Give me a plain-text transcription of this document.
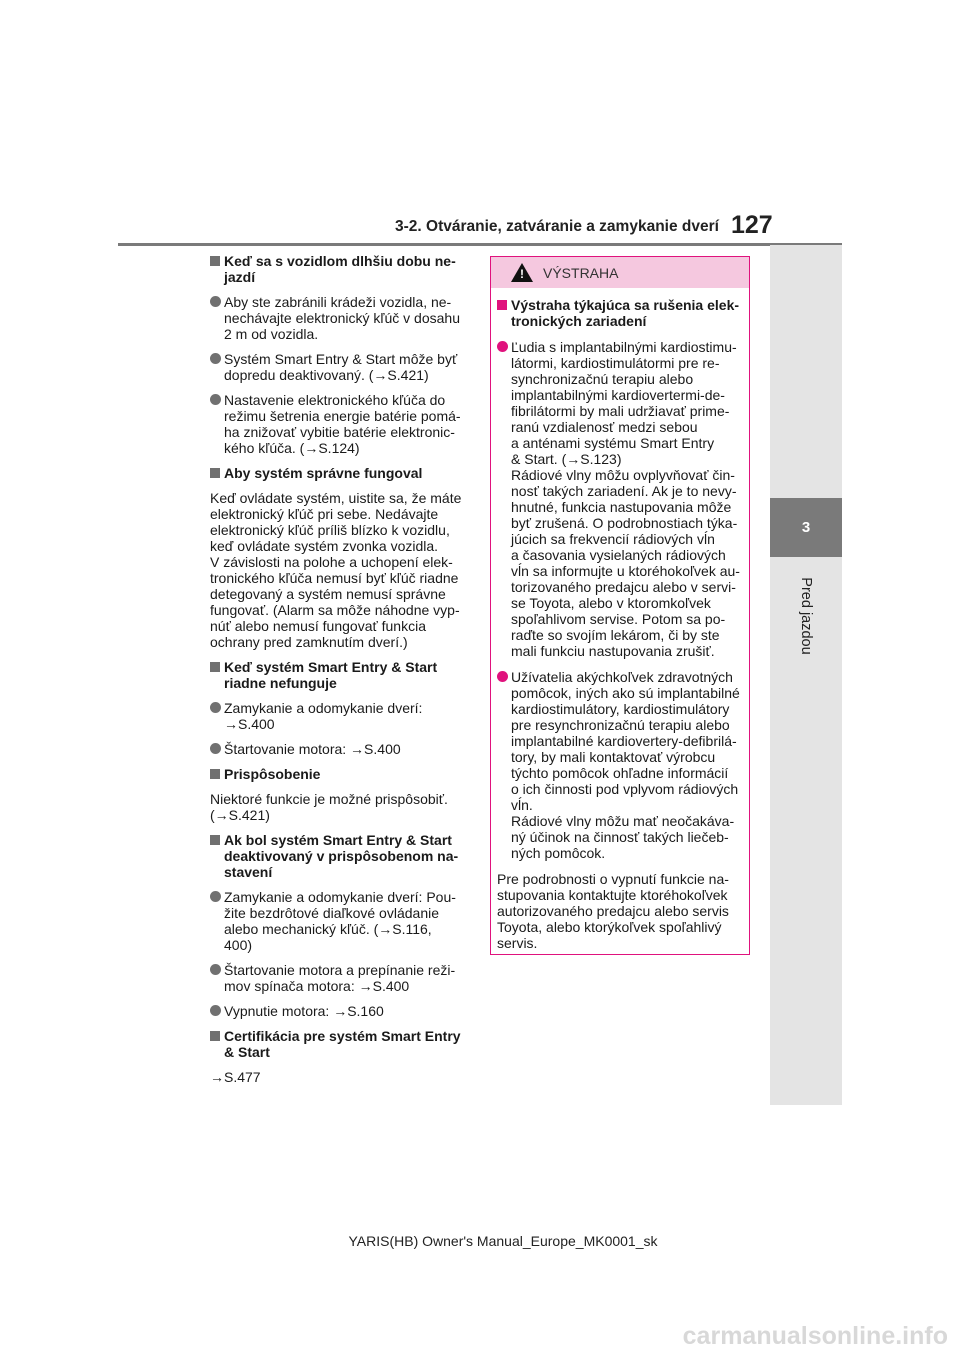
3-2. Otváranie, zatváranie a zamykanie dverí 127
3
Pred jazdou
Keď sa s vozidlom dlhšiu dobu ne-
jazdí
Aby ste zabránili krádeži vozidla, ne-
nechávajte elektronický kľúč v dosahu
2 m od vozidla.
Systém Smart Entry & Start môže byť
dopredu deaktivovaný. (→S.421)
Nastavenie elektronického kľúča do
režimu šetrenia energie batérie pomá-
ha znižovať vybitie batérie elektronic-
kého kľúča. (→S.124)
Aby systém správne fungoval
Keď ovládate systém, uistite sa, že máte
elektronický kľúč pri sebe. Nedávajte
elektronický kľúč príliš blízko k vozidlu,
keď ovládate systém zvonka vozidla.
V závislosti na polohe a uchopení elek-
tronického kľúča nemusí byť kľúč riadne
detegovaný a systém nemusí správne
fungovať. (Alarm sa môže náhodne vyp-
núť alebo nemusí fungovať funkcia
ochrany pred zamknutím dverí.)
Keď systém Smart Entry & Start
riadne nefunguje
Zamykanie a odomykanie dverí:
→S.400
Štartovanie motora: →S.400
Prispôsobenie
Niektoré funkcie je možné prispôsobiť.
(→S.421)
Ak bol systém Smart Entry & Start
deaktivovaný v prispôsobenom na-
stavení
Zamykanie a odomykanie dverí: Pou-
žite bezdrôtové diaľkové ovládanie
alebo mechanický kľúč. (→S.116,
400)
Štartovanie motora a prepínanie reži-
mov spínača motora: →S.400
Vypnutie motora: →S.160
Certifikácia pre systém Smart Entry
& Start
→S.477
!
VÝSTRAHA
Výstraha týkajúca sa rušenia elek-
tronických zariadení
Ľudia s implantabilnými kardiostimu-
látormi, kardiostimulátormi pre re-
synchronizačnú terapiu alebo
implantabilnými kardiovertermi-de-
fibrilátormi by mali udržiavať prime-
ranú vzdialenosť medzi sebou
a anténami systému Smart Entry
& Start. (→S.123)
Rádiové vlny môžu ovplyvňovať čin-
nosť takých zariadení. Ak je to nevy-
hnutné, funkcia nastupovania môže
byť zrušená. O podrobnostiach týka-
júcich sa frekvencií rádiových vĺn
a časovania vysielaných rádiových
vĺn sa informujte u ktoréhokoľvek au-
torizovaného predajcu alebo v servi-
se Toyota, alebo v ktoromkoľvek
spoľahlivom servise. Potom sa po-
raďte so svojím lekárom, či by ste
mali funkciu nastupovania zrušiť.
Užívatelia akýchkoľvek zdravotných
pomôcok, iných ako sú implantabilné
kardiostimulátory, kardiostimulátory
pre resynchronizačnú terapiu alebo
implantabilné kardiovertery-defibrilá-
tory, by mali kontaktovať výrobcu
týchto pomôcok ohľadne informácií
o ich činnosti pod vplyvom rádiových
vĺn.
Rádiové vlny môžu mať neočakáva-
ný účinok na činnosť takých liečeb-
ných pomôcok.
Pre podrobnosti o vypnutí funkcie na-
stupovania kontaktujte ktoréhokoľvek
autorizovaného predajcu alebo servis
Toyota, alebo ktorýkoľvek spoľahlivý
servis.
YARIS(HB) Owner's Manual_Europe_MK0001_sk
carmanualsonline.info
